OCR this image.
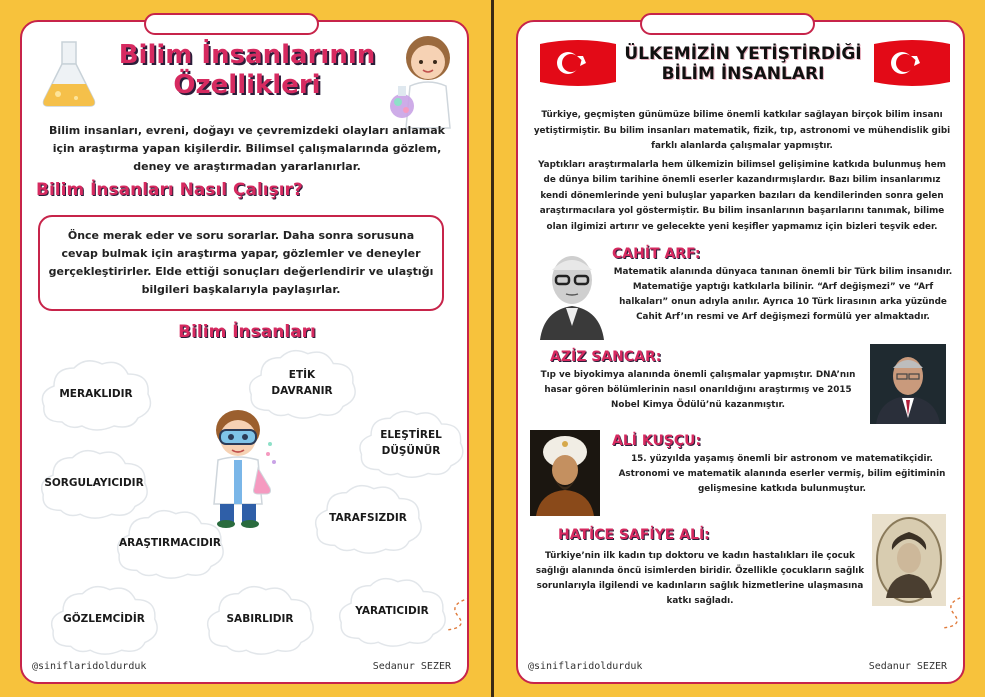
Bilim İnsanlarının
Özellikleri
Bilim insanları, evreni, doğayı ve çevremizdeki olayları anlamak için araştırma yapan kişilerdir. Bilimsel çalışmalarında gözlem, deney ve araştırmadan yararlanırlar.
Bilim İnsanları Nasıl Çalışır?
Önce merak eder ve soru sorarlar. Daha sonra sorusuna cevap bulmak için araştırma yapar, gözlemler ve deneyler gerçekleştirirler. Elde ettiği sonuçları değerlendirir ve ulaştığı bilgileri başkalarıyla paylaşırlar.
Bilim İnsanları
MERAKLIDIR
ETİK DAVRANIR
ELEŞTİREL DÜŞÜNÜR
SORGULAYICIDIR
TARAFSIZDIR
ARAŞTIRMACIDIR
GÖZLEMCİDİR	SABIRLIDIR
YARATICIDIR
@siniflaridoldurduk	Sedanur SEZER
ÜLKEMİZİN YETİŞTİRDİĞİ
BİLİM İNSANLARI

Türkiye, geçmişten günümüze bilime önemli katkılar sağlayan birçok bilim insanı yetiştirmiştir. Bu bilim insanları matematik, fizik, tıp, astronomi ve mühendislik gibi farklı alanlarda çalışmalar yapmıştır.

Yaptıkları araştırmalarla hem ülkemizin bilimsel gelişimine katkıda bulunmuş hem de dünya bilim tarihine önemli eserler kazandırmışlardır. Bazı bilim insanlarımız kendi dönemlerinde yeni buluşlar yaparken bazıları da kendilerinden sonra gelen araştırmacılara yol göstermiştir. Bu bilim insanlarının başarılarını tanımak, bilime olan ilgimizi artırır ve gelecekte yeni keşifler yapmamız için bizleri teşvik eder.

CAHİT ARF:
Matematik alanında dünyaca tanınan önemli bir Türk bilim insanıdır. Matematiğe yaptığı katkılarla bilinir. “Arf değişmezi” ve “Arf halkaları” onun adıyla anılır. Ayrıca 10 Türk lirasının arka yüzünde Cahit Arf’ın resmi ve Arf değişmezi formülü yer almaktadır.
AZİZ SANCAR:
Tıp ve biyokimya alanında önemli çalışmalar yapmıştır. DNA’nın hasar gören bölümlerinin nasıl onarıldığını araştırmış ve 2015 Nobel Kimya Ödülü’nü kazanmıştır.
ALİ KUŞÇU:
15. yüzyılda yaşamış önemli bir astronom ve matematikçidir. Astronomi ve matematik alanında eserler vermiş, bilim eğitiminin gelişmesine katkıda bulunmuştur.
HATİCE SAFİYE ALİ:
Türkiye’nin ilk kadın tıp doktoru ve kadın hastalıkları ile çocuk sağlığı alanında öncü isimlerden biridir. Özellikle çocukların sağlık sorunlarıyla ilgilendi ve kadınların sağlık hizmetlerine ulaşmasına katkı sağladı.
@siniflaridoldurduk	Sedanur SEZER
